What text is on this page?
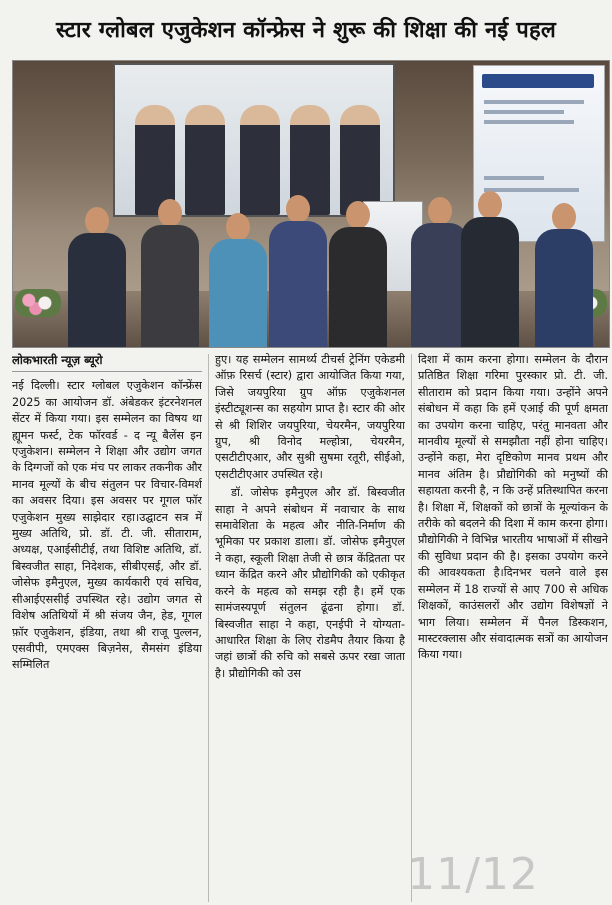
स्टार ग्लोबल एजुकेशन कॉन्फ्रेस ने शुरू की शिक्षा की नई पहल

लोकभारती न्यूज़ ब्यूरो

नई दिल्ली। स्टार ग्लोबल एजुकेशन कॉन्फ्रेंस 2025 का आयोजन डॉ. अंबेडकर इंटरनेशनल सेंटर में किया गया। इस सम्मेलन का विषय था ह्यूमन फर्स्ट, टेक फॉरवर्ड - द न्यू बैलेंस इन एजुकेशन। सम्मेलन ने शिक्षा और उद्योग जगत के दिग्गजों को एक मंच पर लाकर तकनीक और मानव मूल्यों के बीच संतुलन पर विचार-विमर्श का अवसर दिया। इस अवसर पर गूगल फॉर एजुकेशन मुख्य साझेदार रहा।उद्घाटन सत्र में मुख्य अतिथि, प्रो. डॉ. टी. जी. सीताराम, अध्यक्ष, एआईसीटीई, तथा विशिष्ट अतिथि, डॉ. बिस्वजीत साहा, निदेशक, सीबीएसई, और डॉ. जोसेफ इमैनुएल, मुख्य कार्यकारी एवं सचिव, सीआईएससीई उपस्थित रहे। उद्योग जगत से विशेष अतिथियों में श्री संजय जैन, हेड, गूगल फ़ॉर एजुकेशन, इंडिया, तथा श्री राजू पुल्लन, एसवीपी, एमएक्स बिज़नेस, सैमसंग इंडिया सम्मिलित

हुए। यह सम्मेलन सामर्थ्य टीचर्स ट्रेनिंग एकेडमी ऑफ़ रिसर्च (स्टार) द्वारा आयोजित किया गया, जिसे जयपुरिया ग्रुप ऑफ़ एजुकेशनल इंस्टीट्यूशन्स का सहयोग प्राप्त है। स्टार की ओर से श्री शिशिर जयपुरिया, चेयरमैन, जयपुरिया ग्रुप, श्री विनोद मल्होत्रा, चेयरमैन, एसटीटीएआर, और सुश्री सुषमा रतूरी, सीईओ, एसटीटीएआर उपस्थित रहे।

डॉ. जोसेफ इमैनुएल और डॉ. बिस्वजीत साहा ने अपने संबोधन में नवाचार के साथ समावेशिता के महत्व और नीति-निर्माण की भूमिका पर प्रकाश डाला। डॉ. जोसेफ इमैनुएल ने कहा, स्कूली शिक्षा तेजी से छात्र केंद्रितता पर ध्यान केंद्रित करने और प्रौद्योगिकी को एकीकृत करने के महत्व को समझ रही है। हमें एक सामंजस्यपूर्ण संतुलन ढूंढना होगा। डॉ. बिस्वजीत साहा ने कहा, एनईपी ने योग्यता-आधारित शिक्षा के लिए रोडमैप तैयार किया है जहां छात्रों की रुचि को सबसे ऊपर रखा जाता है। प्रौद्योगिकी को उस

दिशा में काम करना होगा। सम्मेलन के दौरान प्रतिष्ठित शिक्षा गरिमा पुरस्कार प्रो. टी. जी. सीताराम को प्रदान किया गया। उन्होंने अपने संबोधन में कहा कि हमें एआई की पूर्ण क्षमता का उपयोग करना चाहिए, परंतु मानवता और मानवीय मूल्यों से समझौता नहीं होना चाहिए। उन्होंने कहा, मेरा दृष्टिकोण मानव प्रथम और मानव अंतिम है। प्रौद्योगिकी को मनुष्यों की सहायता करनी है, न कि उन्हें प्रतिस्थापित करना है। शिक्षा में, शिक्षकों को छात्रों के मूल्यांकन के तरीके को बदलने की दिशा में काम करना होगा। प्रौद्योगिकी ने विभिन्न भारतीय भाषाओं में सीखने की सुविधा प्रदान की है। इसका उपयोग करने की आवश्यकता है।दिनभर चलने वाले इस सम्मेलन में 18 राज्यों से आए 700 से अधिक शिक्षकों, काउंसलरों और उद्योग विशेषज्ञों ने भाग लिया। सम्मेलन में पैनल डिस्कशन, मास्टरक्लास और संवादात्मक सत्रों का आयोजन किया गया।

11/12
